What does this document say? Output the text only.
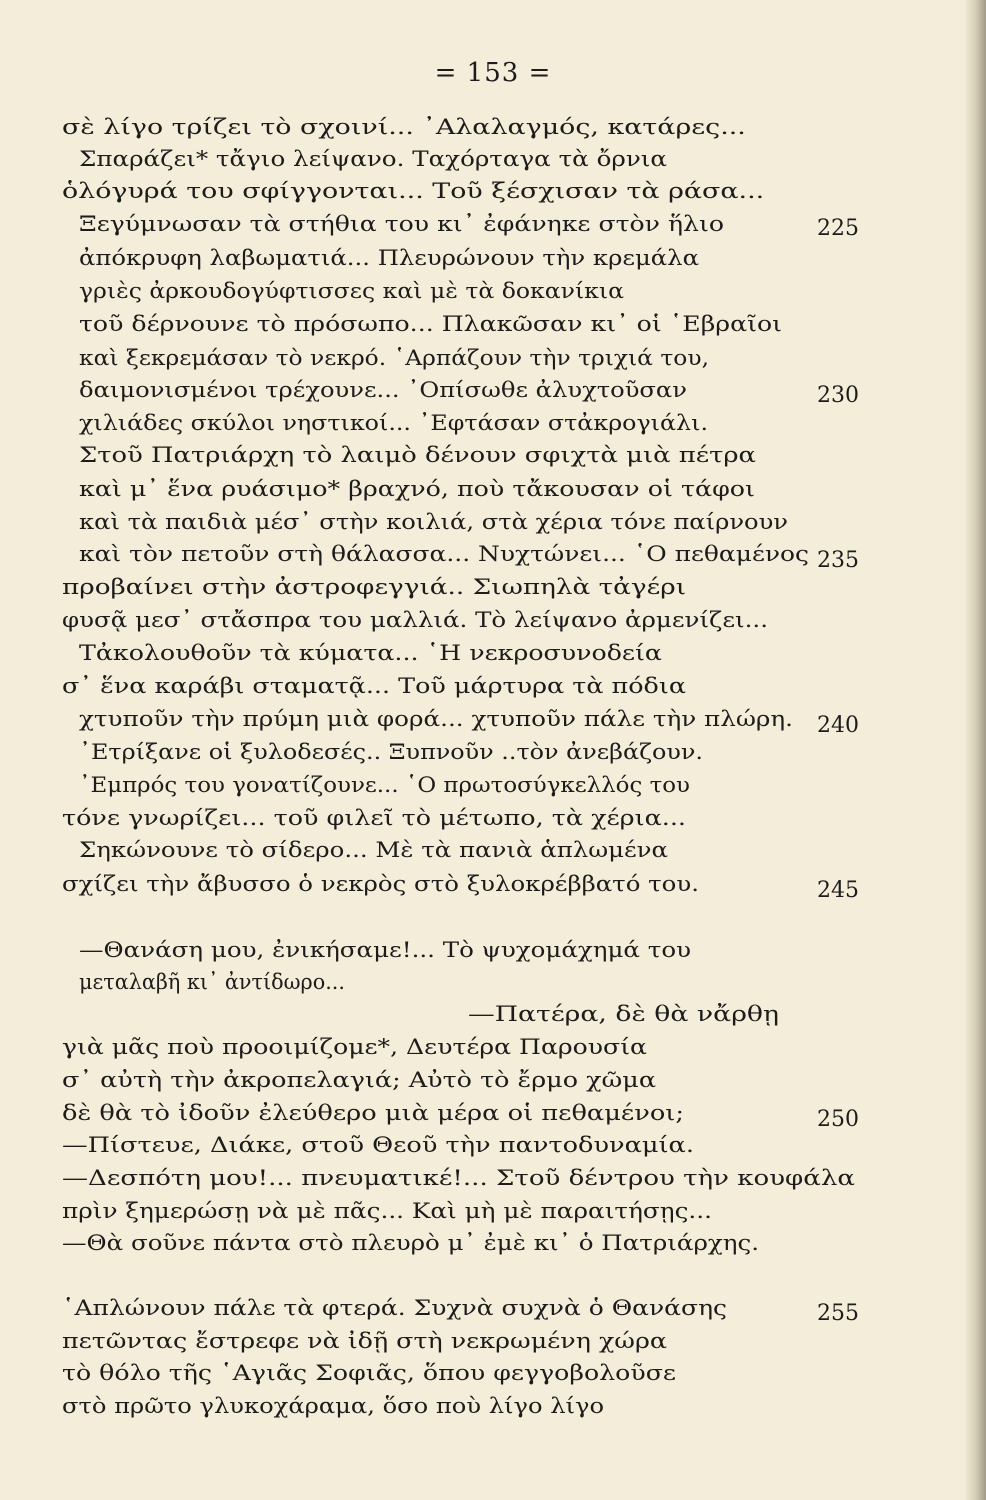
= 153 =
σὲ λίγο τρίζει τὸ σχοινί... ᾿Αλαλαγμός, κατάρες...
Σπαράζει* τἄγιο λείψανο. Ταχόρταγα τὰ ὄρνια
ὁλόγυρά του σφίγγονται... Τοῦ ξέσχισαν τὰ ράσα...
Ξεγύμνωσαν τὰ στήθια του κι᾿ ἐφάνηκε στὸν ἥλιο	225
ἀπόκρυφη λαβωματιά... Πλευρώνουν τὴν κρεμάλα
γριὲς ἀρκουδογύφτισσες καὶ μὲ τὰ δοκανίκια
τοῦ δέρνουνε τὸ πρόσωπο... Πλακῶσαν κι᾿ οἱ ῾Εβραῖοι
καὶ ξεκρεμάσαν τὸ νεκρό. ῾Αρπάζουν τὴν τριχιά του,
δαιμονισμένοι τρέχουνε... ᾿Οπίσωθε ἀλυχτοῦσαν	230
χιλιάδες σκύλοι νηστικοί... ᾿Εφτάσαν στἀκρογιάλι.
Στοῦ Πατριάρχη τὸ λαιμὸ δένουν σφιχτὰ μιὰ πέτρα
καὶ μ᾿ ἕνα ρυάσιμο* βραχνό, ποὺ τἄκουσαν οἱ τάφοι
καὶ τὰ παιδιὰ μέσ᾿ στὴν κοιλιά, στὰ χέρια τόνε παίρνουν
καὶ τὸν πετοῦν στὴ θάλασσα... Νυχτώνει... ῾Ο πεθαμένος 235
προβαίνει στὴν ἀστροφεγγιά.. Σιωπηλὰ τἀγέρι
φυσᾷ μεσ᾿ στἄσπρα του μαλλιά. Τὸ λείψανο ἀρμενίζει...
Τἀκολουθοῦν τὰ κύματα... ῾Η νεκροσυνοδεία
σ᾿ ἕνα καράβι σταματᾷ... Τοῦ μάρτυρα τὰ πόδια
χτυποῦν τὴν πρύμη μιὰ φορά... χτυποῦν πάλε τὴν πλώρη. 240
᾿Ετρίξανε οἱ ξυλοδεσές.. Ξυπνοῦν ..τὸν ἀνεβάζουν.
᾿Εμπρός του γονατίζουνε... ῾Ο πρωτοσύγκελλός του
τόνε γνωρίζει... τοῦ φιλεῖ τὸ μέτωπο, τὰ χέρια...
Σηκώνουνε τὸ σίδερο... Μὲ τὰ πανιὰ ἁπλωμένα
σχίζει τὴν ἄβυσσο ὁ νεκρὸς στὸ ξυλοκρέββατό του.	245
—Θανάση μου, ἐνικήσαμε!... Τὸ ψυχομάχημά του
μεταλαβῆ κι᾿ ἀντίδωρο...
—Πατέρα, δὲ θὰ νἄρθῃ
γιὰ μᾶς ποὺ προοιμίζομε*, Δευτέρα Παρουσία
σ᾿ αὐτὴ τὴν ἀκροπελαγιά; Αὐτὸ τὸ ἔρμο χῶμα
δὲ θὰ τὸ ἰδοῦν ἐλεύθερο μιὰ μέρα οἱ πεθαμένοι;	250
—Πίστευε, Διάκε, στοῦ Θεοῦ τὴν παντοδυναμία.
—Δεσπότη μου!... πνευματικέ!... Στοῦ δέντρου τὴν κουφάλα
πρὶν ξημερώσῃ νὰ μὲ πᾶς... Καὶ μὴ μὲ παραιτήσῃς...
—Θὰ σοῦνε πάντα στὸ πλευρὸ μ᾿ ἐμὲ κι᾿ ὁ Πατριάρχης.
῾Απλώνουν πάλε τὰ φτερά. Συχνὰ συχνὰ ὁ Θανάσης	255
πετῶντας ἔστρεφε νὰ ἰδῇ στὴ νεκρωμένη χώρα
τὸ θόλο τῆς ῾Αγιᾶς Σοφιᾶς, ὅπου φεγγοβολοῦσε
στὸ πρῶτο γλυκοχάραμα, ὅσο ποὺ λίγο λίγο
